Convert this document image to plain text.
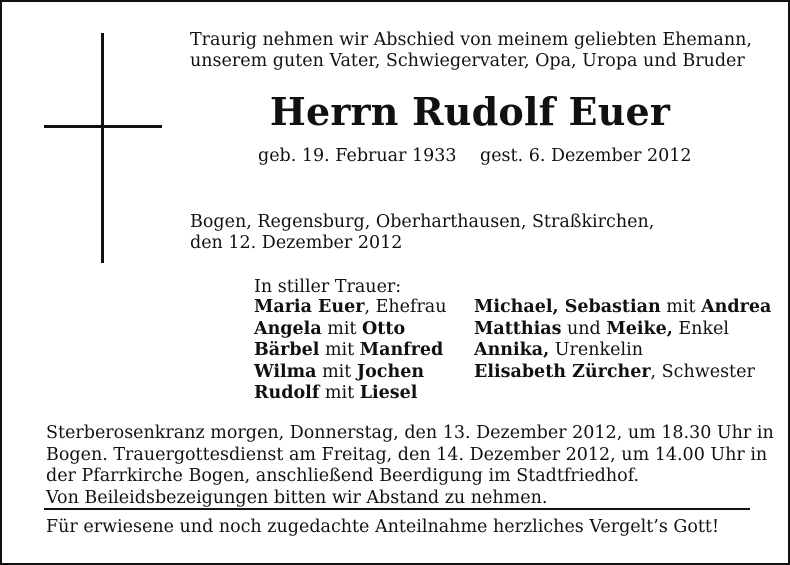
Traurig nehmen wir Abschied von meinem geliebten Ehemann,
unserem guten Vater, Schwiegervater, Opa, Uropa und Bruder
Herrn Rudolf Euer
geb. 19. Februar 1933 gest. 6. Dezember 2012
Bogen, Regensburg, Oberharthausen, Straßkirchen,
den 12. Dezember 2012
In stiller Trauer:
Maria Euer, Ehefrau
Angela mit Otto
Bärbel mit Manfred
Wilma mit Jochen
Rudolf mit Liesel
Michael, Sebastian mit Andrea
Matthias und Meike, Enkel
Annika, Urenkelin
Elisabeth Zürcher, Schwester
Sterberosenkranz morgen, Donnerstag, den 13. Dezember 2012, um 18.30 Uhr in
Bogen. Trauergottesdienst am Freitag, den 14. Dezember 2012, um 14.00 Uhr in
der Pfarrkirche Bogen, anschließend Beerdigung im Stadtfriedhof.
Von Beileidsbezeigungen bitten wir Abstand zu nehmen.
Für erwiesene und noch zugedachte Anteilnahme herzliches Vergelt’s Gott!
